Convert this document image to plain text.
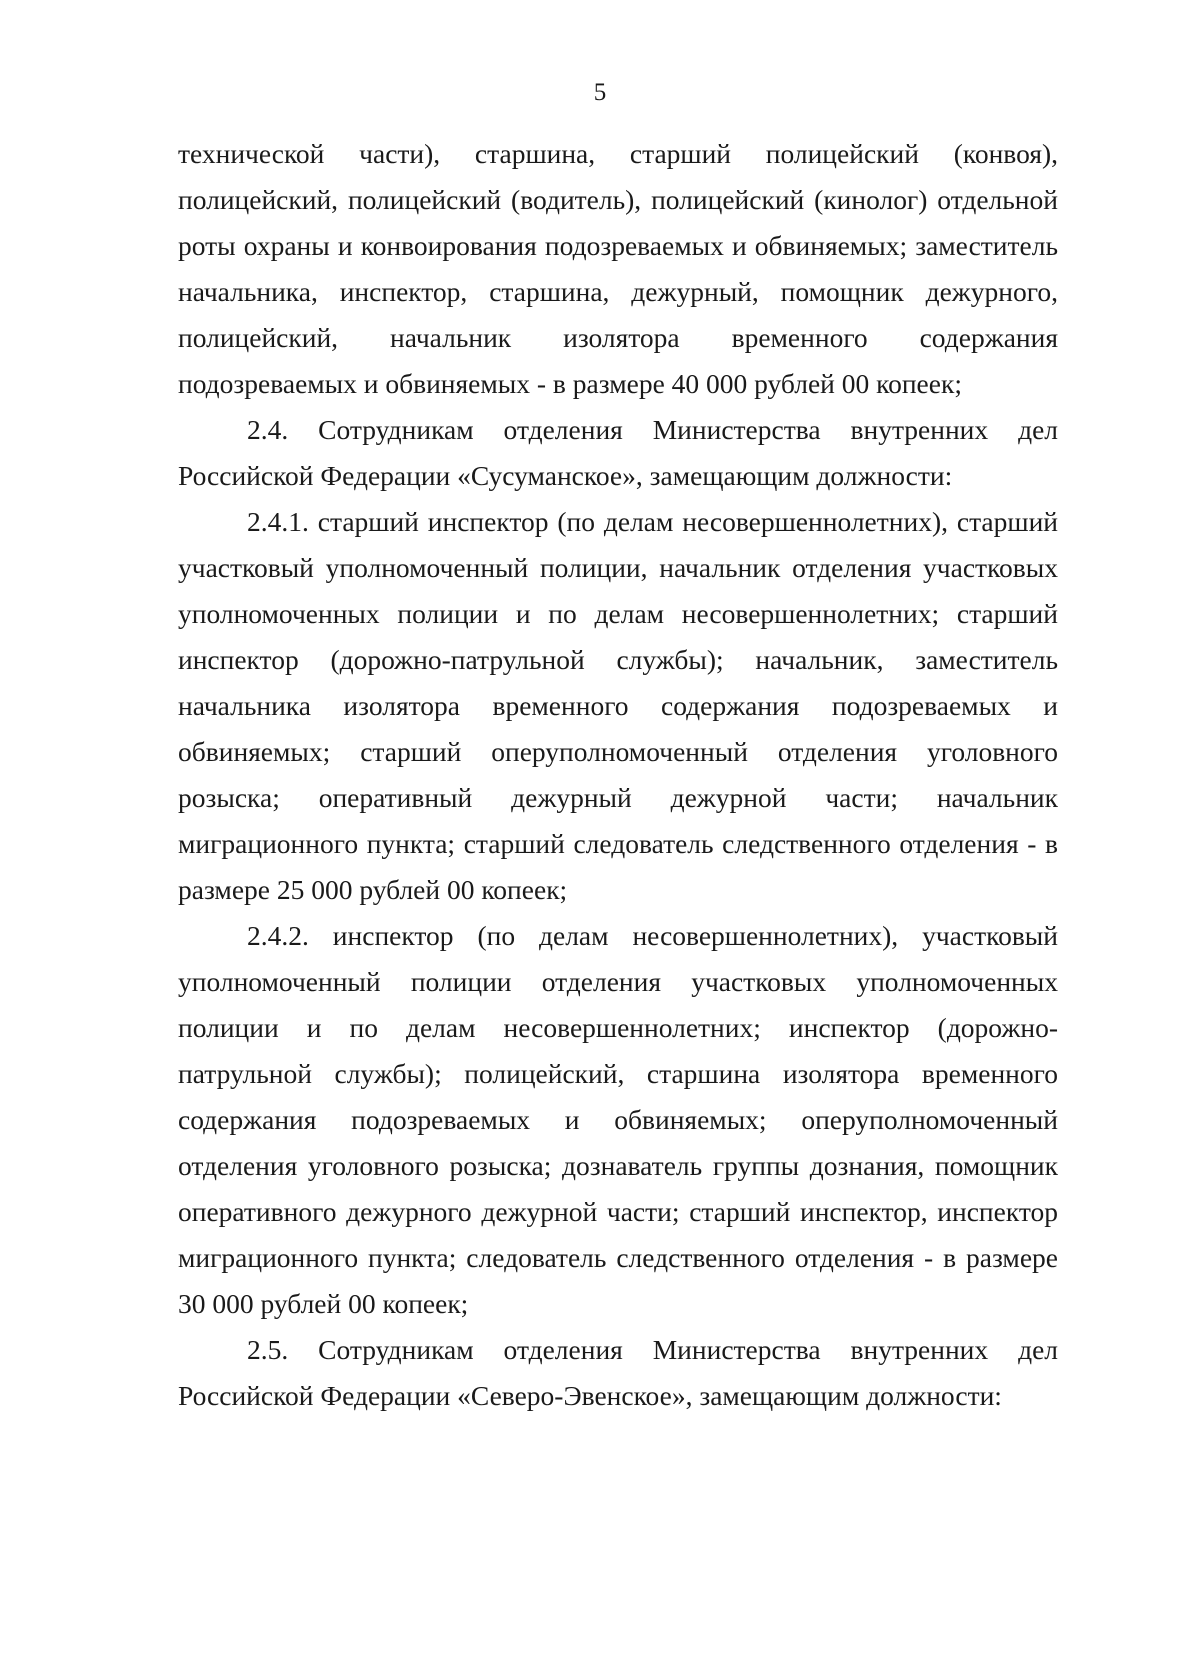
5
технической части), старшина, старший полицейский (конвоя),
полицейский, полицейский (водитель), полицейский (кинолог) отдельной
роты охраны и конвоирования подозреваемых и обвиняемых; заместитель
начальника, инспектор, старшина, дежурный, помощник дежурного,
полицейский, начальник изолятора временного содержания
подозреваемых и обвиняемых - в размере 40 000 рублей 00 копеек;
2.4. Сотрудникам отделения Министерства внутренних дел
Российской Федерации «Сусуманское», замещающим должности:
2.4.1. старший инспектор (по делам несовершеннолетних), старший
участковый уполномоченный полиции, начальник отделения участковых
уполномоченных полиции и по делам несовершеннолетних; старший
инспектор (дорожно-патрульной службы); начальник, заместитель
начальника изолятора временного содержания подозреваемых и
обвиняемых; старший оперуполномоченный отделения уголовного
розыска; оперативный дежурный дежурной части; начальник
миграционного пункта; старший следователь следственного отделения - в
размере 25 000 рублей 00 копеек;
2.4.2. инспектор (по делам несовершеннолетних), участковый
уполномоченный полиции отделения участковых уполномоченных
полиции и по делам несовершеннолетних; инспектор (дорожно-
патрульной службы); полицейский, старшина изолятора временного
содержания подозреваемых и обвиняемых; оперуполномоченный
отделения уголовного розыска; дознаватель группы дознания, помощник
оперативного дежурного дежурной части; старший инспектор, инспектор
миграционного пункта; следователь следственного отделения - в размере
30 000 рублей 00 копеек;
2.5. Сотрудникам отделения Министерства внутренних дел
Российской Федерации «Северо-Эвенское», замещающим должности:
